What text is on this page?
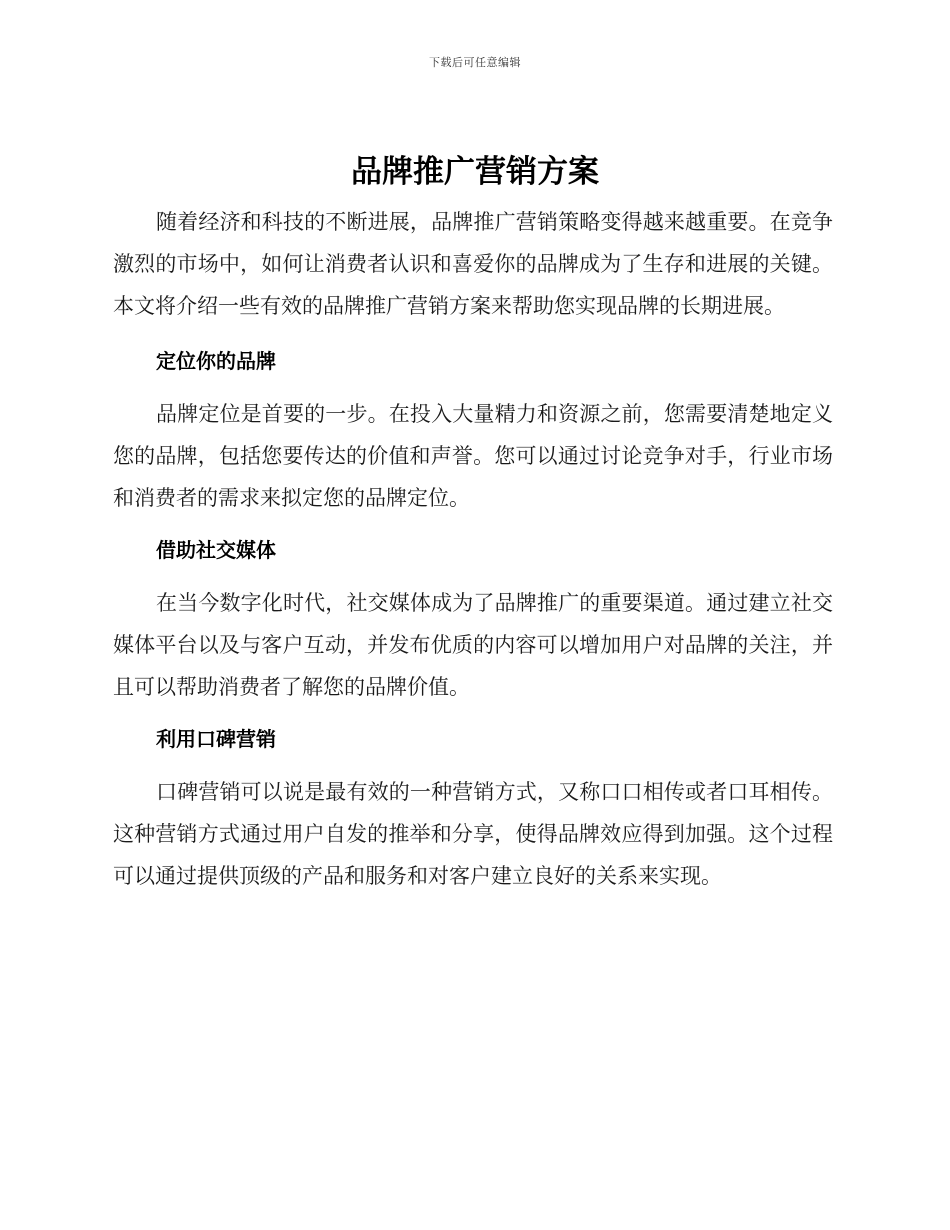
下载后可任意编辑
品牌推广营销方案

随着经济和科技的不断进展，品牌推广营销策略变得越来越重要。在竞争激烈的市场中，如何让消费者认识和喜爱你的品牌成为了生存和进展的关键。本文将介绍一些有效的品牌推广营销方案来帮助您实现品牌的长期进展。

定位你的品牌

品牌定位是首要的一步。在投入大量精力和资源之前，您需要清楚地定义您的品牌，包括您要传达的价值和声誉。您可以通过讨论竞争对手，行业市场和消费者的需求来拟定您的品牌定位。

借助社交媒体

在当今数字化时代，社交媒体成为了品牌推广的重要渠道。通过建立社交媒体平台以及与客户互动，并发布优质的内容可以增加用户对品牌的关注，并且可以帮助消费者了解您的品牌价值。

利用口碑营销

口碑营销可以说是最有效的一种营销方式，又称口口相传或者口耳相传。这种营销方式通过用户自发的推举和分享，使得品牌效应得到加强。这个过程可以通过提供顶级的产品和服务和对客户建立良好的关系来实现。
